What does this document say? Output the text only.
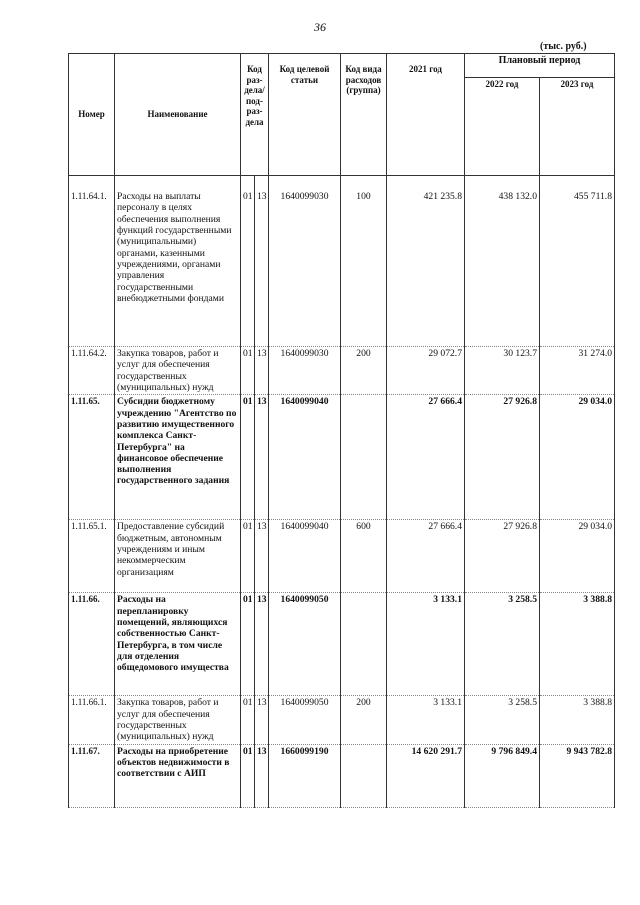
36
(тыс. руб.)
Номер	Наименование	Код раз-дела/ под-раз-дела		Код целевой статьи	Код вида расходов (группа)	2021 год	Плановый период	
							2022 год	2023 год

1.11.64.1.	Расходы на выплаты персоналу в целях обеспечения выполнения функций государственными (муниципальными) органами, казенными учреждениями, органами управления государственными внебюджетными фондами	01	13	1640099030	100	421 235.8	438 132.0	455 711.8
1.11.64.2.	Закупка товаров, работ и услуг для обеспечения государственных (муниципальных) нужд	01	13	1640099030	200	29 072.7	30 123.7	31 274.0
1.11.65.	Субсидии бюджетному учреждению "Агентство по развитию имущественного комплекса Санкт-Петербурга" на финансовое обеспечение выполнения государственного задания	01	13	1640099040		27 666.4	27 926.8	29 034.0
1.11.65.1.	Предоставление субсидий бюджетным, автономным учреждениям и иным некоммерческим организациям	01	13	1640099040	600	27 666.4	27 926.8	29 034.0
1.11.66.	Расходы на перепланировку помещений, являющихся собственностью Санкт-Петербурга, в том числе для отделения общедомового имущества	01	13	1640099050		3 133.1	3 258.5	3 388.8
1.11.66.1.	Закупка товаров, работ и услуг для обеспечения государственных (муниципальных) нужд	01	13	1640099050	200	3 133.1	3 258.5	3 388.8
1.11.67.	Расходы на приобретение объектов недвижимости в соответствии с АИП	01	13	1660099190		14 620 291.7	9 796 849.4	9 943 782.8
